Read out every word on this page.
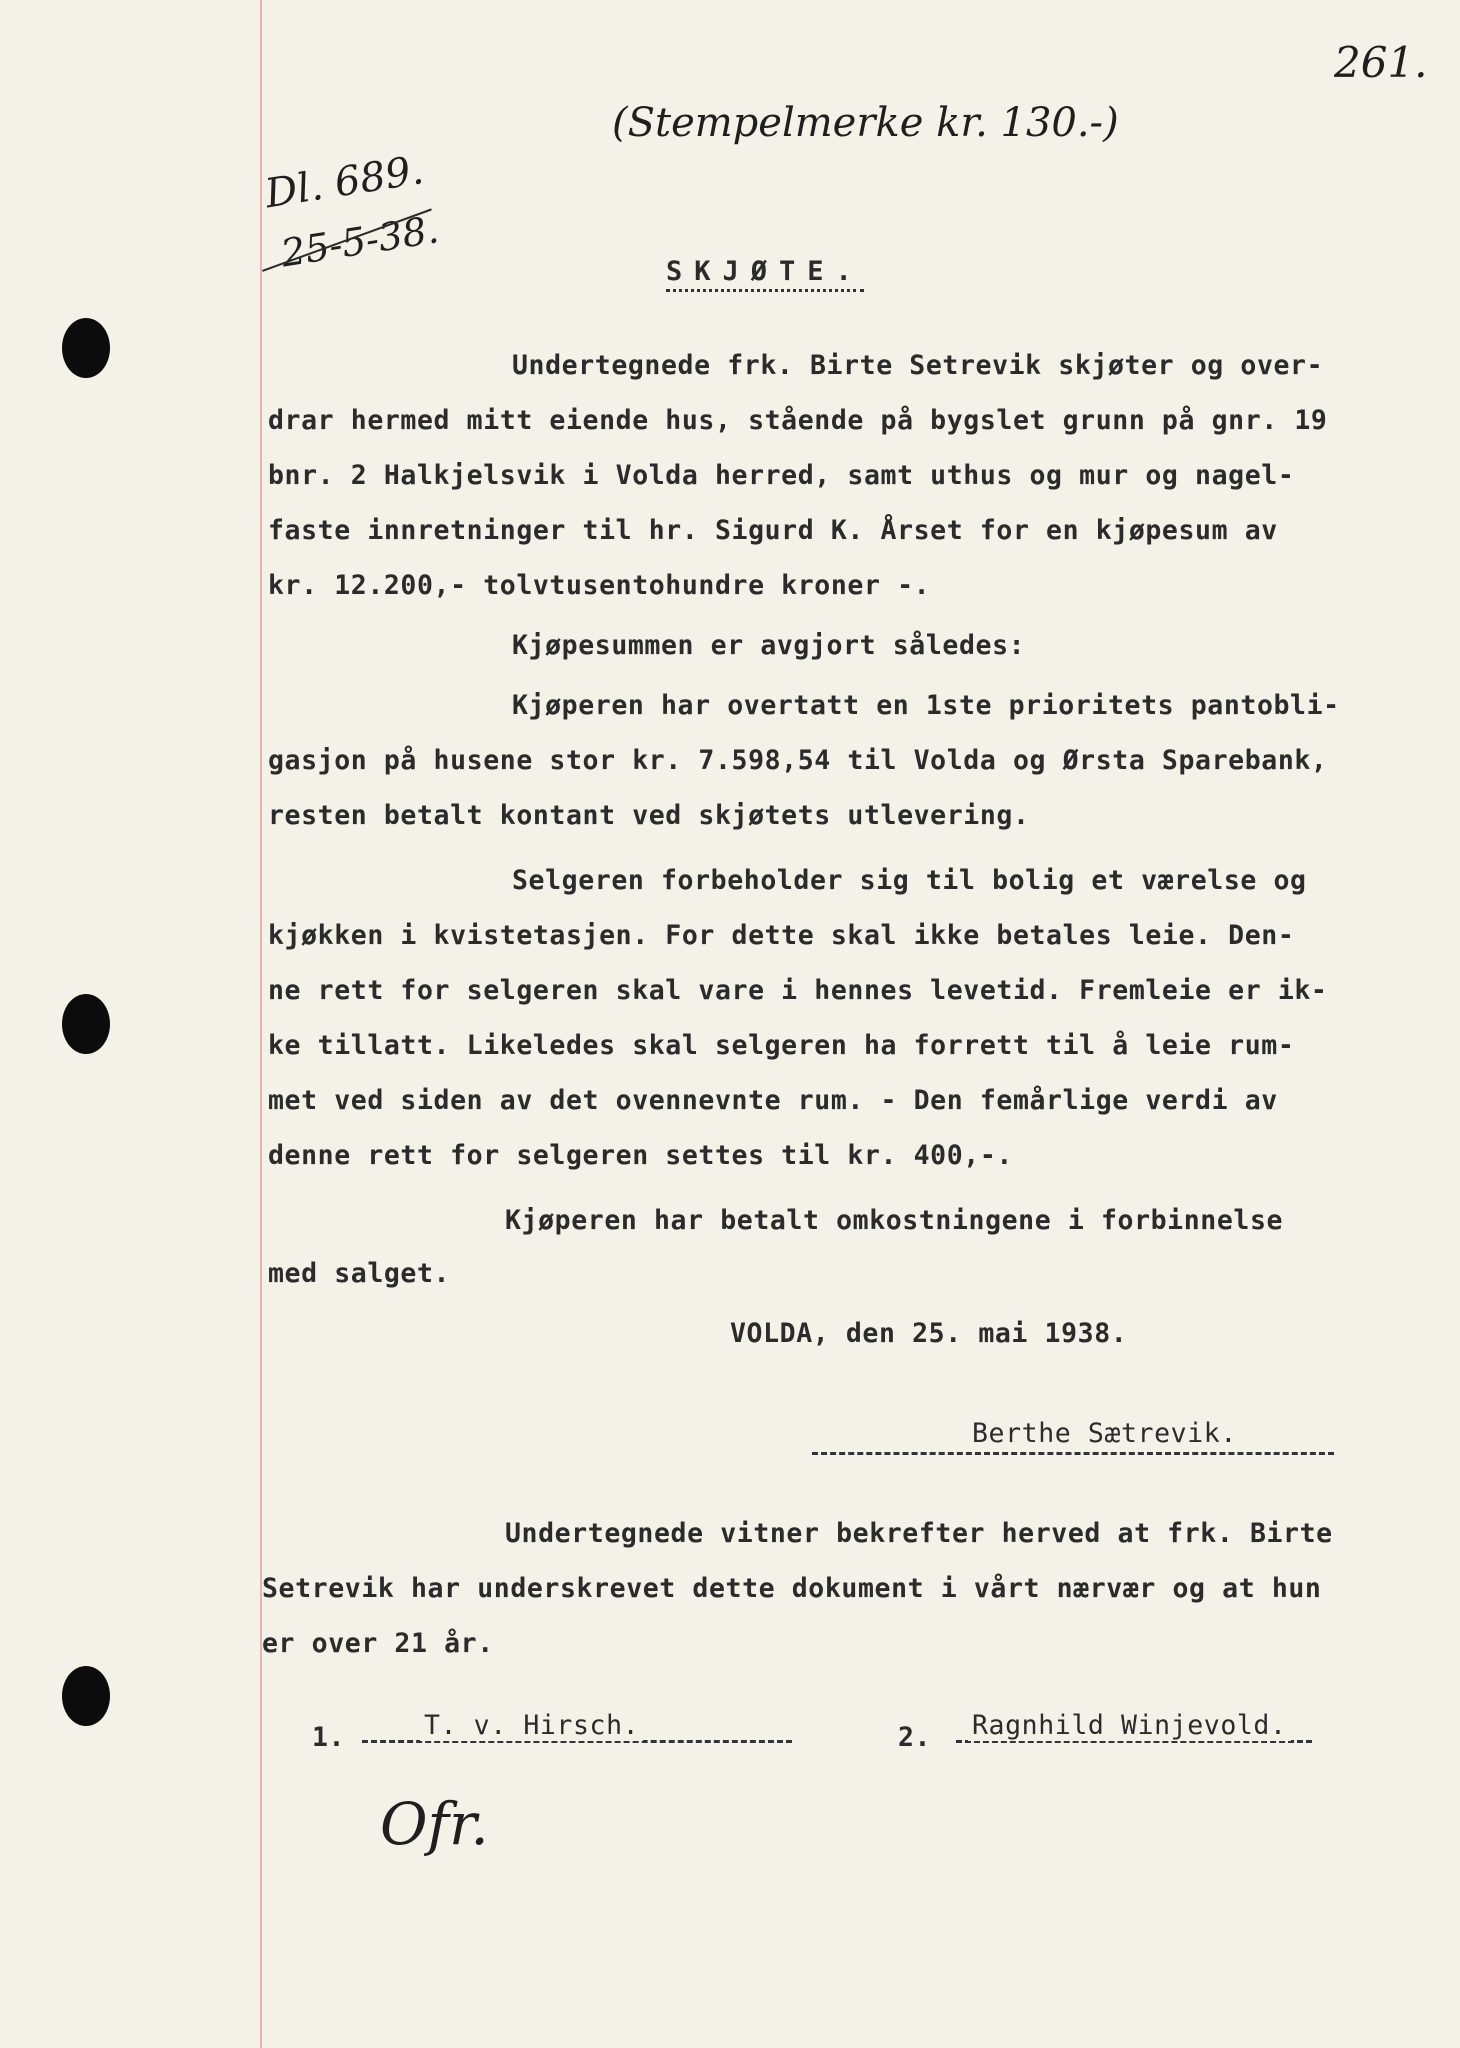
261.
(Stempelmerke kr. 130.-)
Dl. 689.
25-5-38.	SKJØTE.
Undertegnede frk. Birte Setrevik skjøter og over-
drar hermed mitt eiende hus, stående på bygslet grunn på gnr. 19
bnr. 2 Halkjelsvik i Volda herred, samt uthus og mur og nagel-
faste innretninger til hr. Sigurd K. Årset for en kjøpesum av
kr. 12.200,- tolvtusentohundre kroner -.
Kjøpesummen er avgjort således:
Kjøperen har overtatt en 1ste prioritets pantobli-
gasjon på husene stor kr. 7.598,54 til Volda og Ørsta Sparebank,
resten betalt kontant ved skjøtets utlevering.
Selgeren forbeholder sig til bolig et værelse og
kjøkken i kvistetasjen. For dette skal ikke betales leie. Den-
ne rett for selgeren skal vare i hennes levetid. Fremleie er ik-
ke tillatt. Likeledes skal selgeren ha forrett til å leie rum-
met ved siden av det ovennevnte rum. - Den femårlige verdi av
denne rett for selgeren settes til kr. 400,-.
Kjøperen har betalt omkostningene i forbinnelse
med salget.
VOLDA, den 25. mai 1938.
Berthe Sætrevik.
Undertegnede vitner bekrefter herved at frk. Birte
Setrevik har underskrevet dette dokument i vårt nærvær og at hun
er over 21 år.
1.	T. v. Hirsch.	2. Ragnhild Winjevold.
Ofr.
